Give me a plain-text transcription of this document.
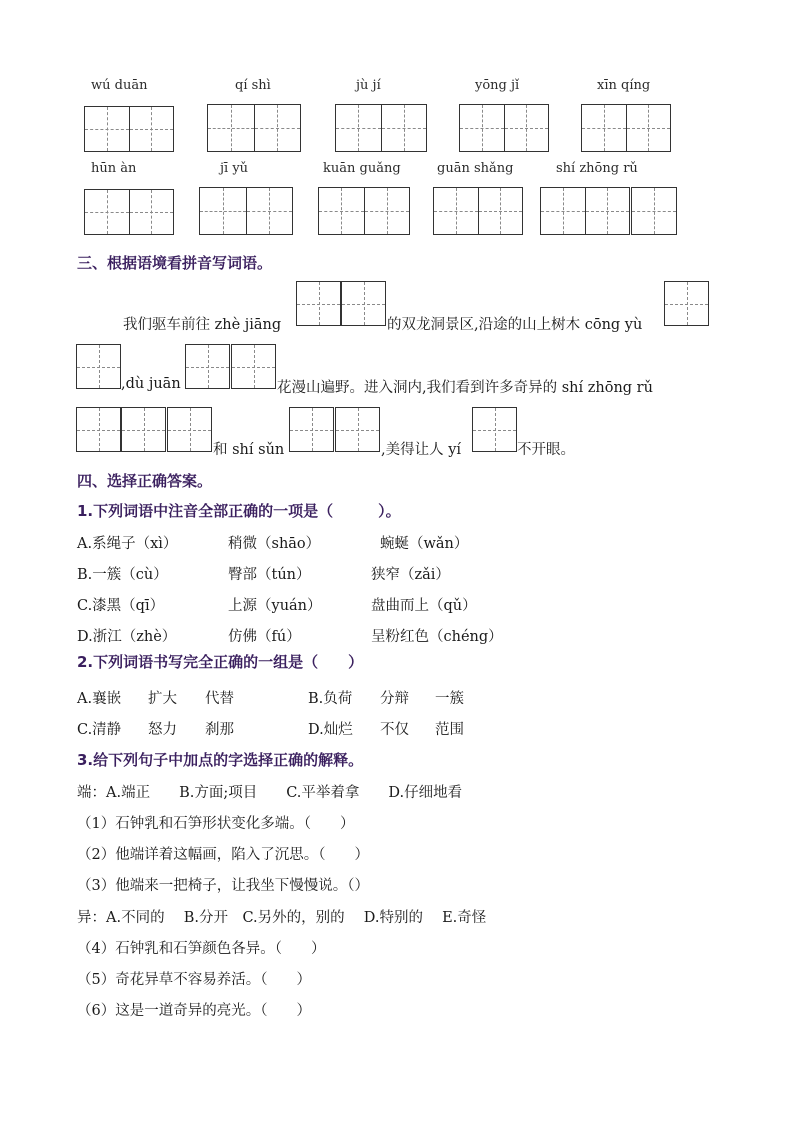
wú duān	qí shì	jù jí	yōng jǐ	xīn qíng
hūn àn	jī yǔ	kuān guǎng	guān shǎng	shí zhōng rǔ
三、根据语境看拼音写词语。
我们驱车前往 zhè jiāng	的双龙洞景区,沿途的山上树木 cōng yù
,dù juān	花漫山遍野。进入洞内,我们看到许多奇异的 shí zhōng rǔ
和 shí sǔn	,美得让人 yí	不开眼。
四、选择正确答案。
1.下列词语中注音全部正确的一项是（　　　）。
A.系绳子（xì）	稍微（shāo）	蜿蜒（wǎn）
B.一簇（cù）	臀部（tún）	狭窄（zǎi）
C.漆黑（qī）	上源（yuán）	盘曲而上（qǔ）
D.浙江（zhè）	仿佛（fú）	呈粉红色（chéng）
2.下列词语书写完全正确的一组是（　　）
A.襄嵌 扩大 代替	B.负荷 分辩 一簇
C.清静 怒力 刹那	D.灿烂 不仅 范围
3.给下列句子中加点的字选择正确的解释。
端：A.端正　　B.方面;项目　　C.平举着拿　　D.仔细地看
（1）石钟乳和石笋形状变化多端。（　　）
（2）他端详着这幅画，陷入了沉思。（　　）
（3）他端来一把椅子，让我坐下慢慢说。（）
异：A.不同的　 B.分开　C.另外的，别的　 D.特别的　 E.奇怪
（4）石钟乳和石笋颜色各异。（　　）
（5）奇花异草不容易养活。（　　）
（6）这是一道奇异的亮光。（　　）
